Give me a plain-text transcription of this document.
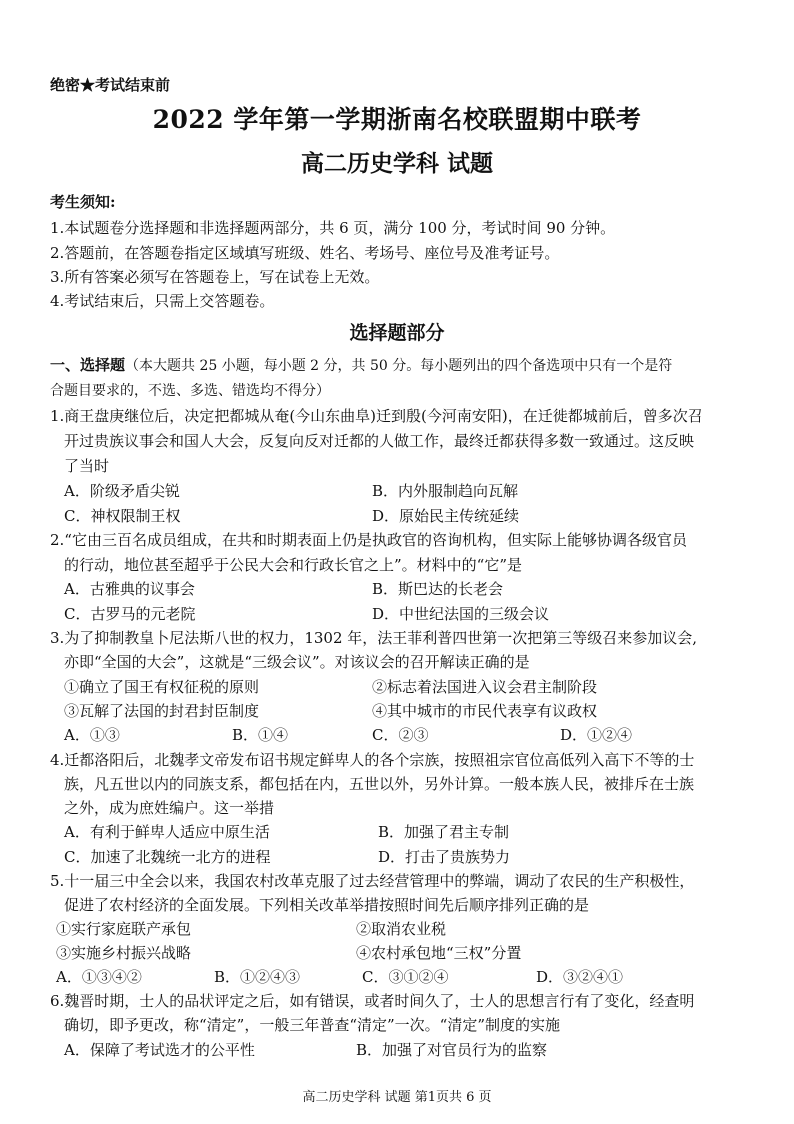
绝密★考试结束前
2022 学年第一学期浙南名校联盟期中联考
高二历史学科 试题
考生须知:
1.本试题卷分选择题和非选择题两部分，共 6 页，满分 100 分，考试时间 90 分钟。
2.答题前，在答题卷指定区域填写班级、姓名、考场号、座位号及准考证号。
3.所有答案必须写在答题卷上，写在试卷上无效。
4.考试结束后，只需上交答题卷。
选择题部分
一、选择题（本大题共 25 小题，每小题 2 分，共 50 分。每小题列出的四个备选项中只有一个是符
合题目要求的，不选、多选、错选均不得分）
1.商王盘庚继位后，决定把都城从奄(今山东曲阜)迁到殷(今河南安阳)，在迁徙都城前后，曾多次召
开过贵族议事会和国人大会，反复向反对迁都的人做工作，最终迁都获得多数一致通过。这反映
了当时
A．阶级矛盾尖锐	B．内外服制趋向瓦解
C．神权限制王权	D．原始民主传统延续
2.“它由三百名成员组成，在共和时期表面上仍是执政官的咨询机构，但实际上能够协调各级官员
的行动，地位甚至超乎于公民大会和行政长官之上”。材料中的“它”是
A．古雅典的议事会	B．斯巴达的长老会
C．古罗马的元老院	D．中世纪法国的三级会议
3.为了抑制教皇卜尼法斯八世的权力，1302 年，法王菲利普四世第一次把第三等级召来参加议会,
亦即“全国的大会”，这就是“三级会议”。对该议会的召开解读正确的是
①确立了国王有权征税的原则	②标志着法国进入议会君主制阶段
③瓦解了法国的封君封臣制度	④其中城市的市民代表享有议政权
A．①③	B．①④	C．②③	D．①②④
4.迁都洛阳后，北魏孝文帝发布诏书规定鲜卑人的各个宗族，按照祖宗官位高低列入高下不等的士
族，凡五世以内的同族支系，都包括在内，五世以外，另外计算。一般本族人民，被排斥在士族
之外，成为庶姓编户。这一举措
A．有利于鲜卑人适应中原生活	B．加强了君主专制
C．加速了北魏统一北方的进程	D．打击了贵族势力
5.十一届三中全会以来，我国农村改革克服了过去经营管理中的弊端，调动了农民的生产积极性，
促进了农村经济的全面发展。下列相关改革举措按照时间先后顺序排列正确的是
①实行家庭联产承包	②取消农业税
③实施乡村振兴战略	④农村承包地“三权”分置
A．①③④②	B．①②④③	C．③①②④	D．③②④①
6.魏晋时期，士人的品状评定之后，如有错误，或者时间久了，士人的思想言行有了变化，经查明
确切，即予更改，称“清定”，一般三年普查“清定”一次。“清定”制度的实施
A．保障了考试选才的公平性	B．加强了对官员行为的监察
高二历史学科 试题 第1页共 6 页
